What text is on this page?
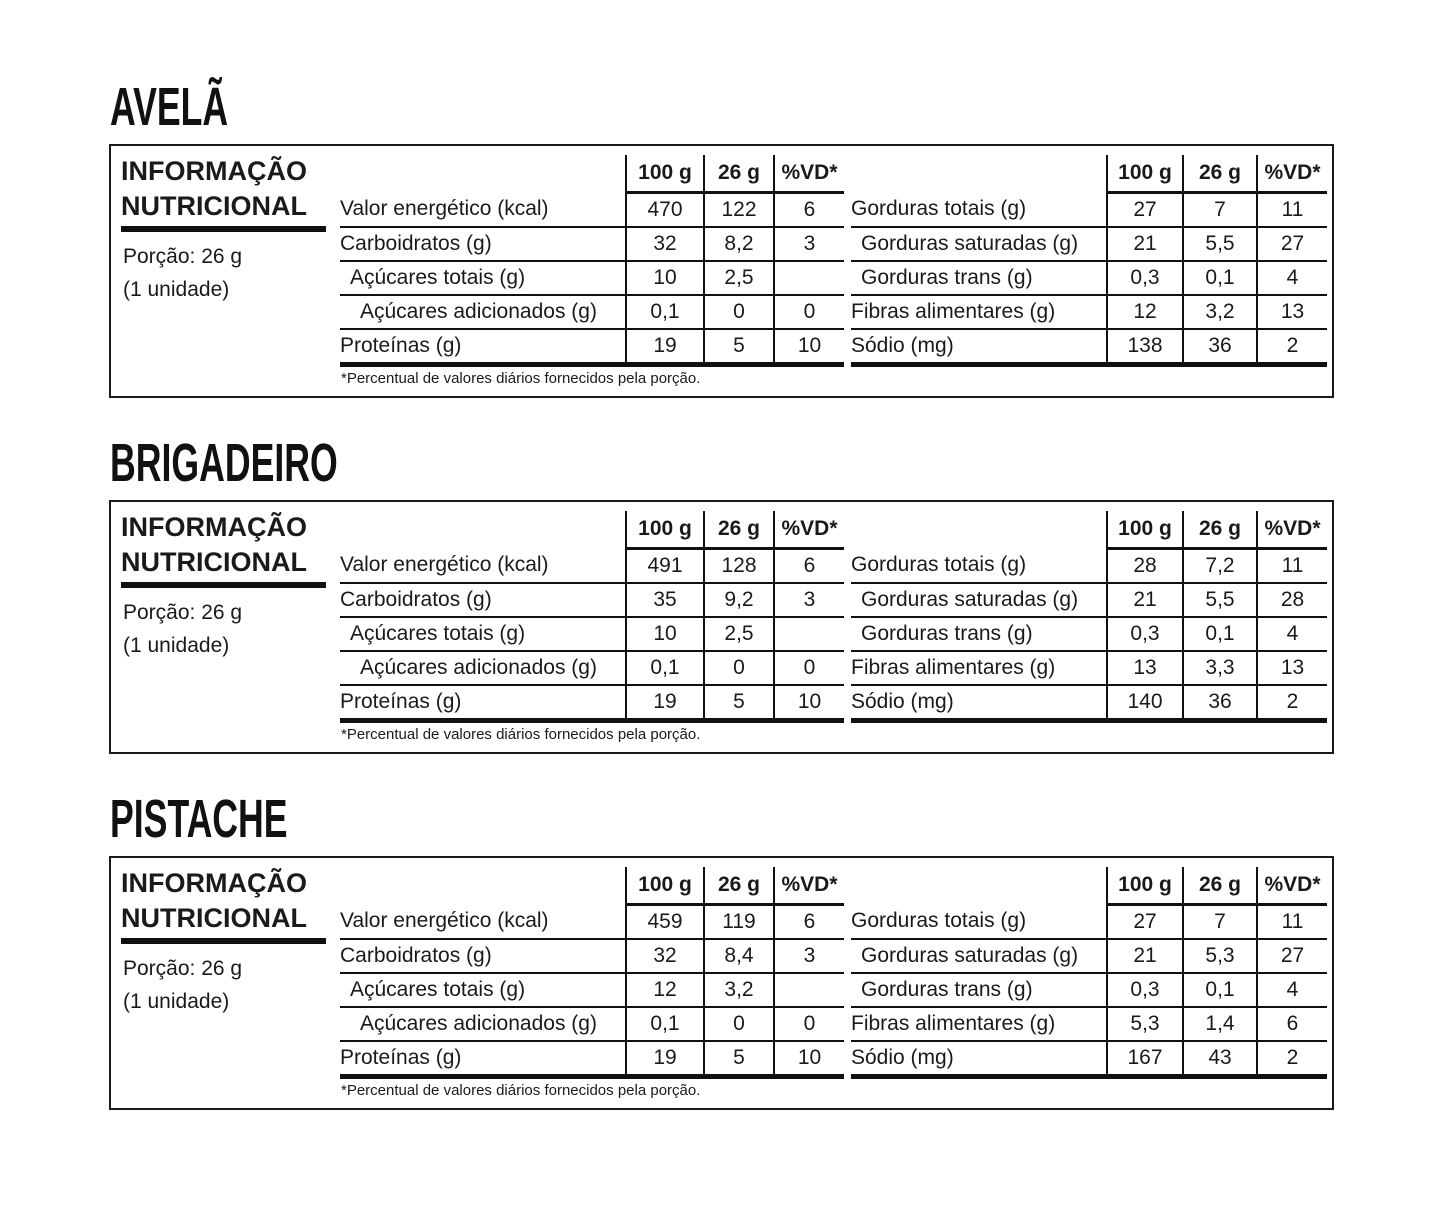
AVELÃ
INFORMAÇÃO
NUTRICIONAL
Porção: 26 g
(1 unidade)
	100 g	26 g	%VD*
Valor energético (kcal)	470	122	6
Carboidratos (g)	32	8,2	3
Açúcares totais (g)	10	2,5	
Açúcares adicionados (g)	0,1	0	0
Proteínas (g)	19	5	10
	100 g	26 g	%VD*
Gorduras totais (g)	27	7	11
Gorduras saturadas (g)	21	5,5	27
Gorduras trans (g)	0,3	0,1	4
Fibras alimentares (g)	12	3,2	13
Sódio (mg)	138	36	2
*Percentual de valores diários fornecidos pela porção.
BRIGADEIRO
INFORMAÇÃO
NUTRICIONAL
Porção: 26 g
(1 unidade)
	100 g	26 g	%VD*
Valor energético (kcal)	491	128	6
Carboidratos (g)	35	9,2	3
Açúcares totais (g)	10	2,5	
Açúcares adicionados (g)	0,1	0	0
Proteínas (g)	19	5	10
	100 g	26 g	%VD*
Gorduras totais (g)	28	7,2	11
Gorduras saturadas (g)	21	5,5	28
Gorduras trans (g)	0,3	0,1	4
Fibras alimentares (g)	13	3,3	13
Sódio (mg)	140	36	2
*Percentual de valores diários fornecidos pela porção.
PISTACHE
INFORMAÇÃO
NUTRICIONAL
Porção: 26 g
(1 unidade)
	100 g	26 g	%VD*
Valor energético (kcal)	459	119	6
Carboidratos (g)	32	8,4	3
Açúcares totais (g)	12	3,2	
Açúcares adicionados (g)	0,1	0	0
Proteínas (g)	19	5	10
	100 g	26 g	%VD*
Gorduras totais (g)	27	7	11
Gorduras saturadas (g)	21	5,3	27
Gorduras trans (g)	0,3	0,1	4
Fibras alimentares (g)	5,3	1,4	6
Sódio (mg)	167	43	2
*Percentual de valores diários fornecidos pela porção.
